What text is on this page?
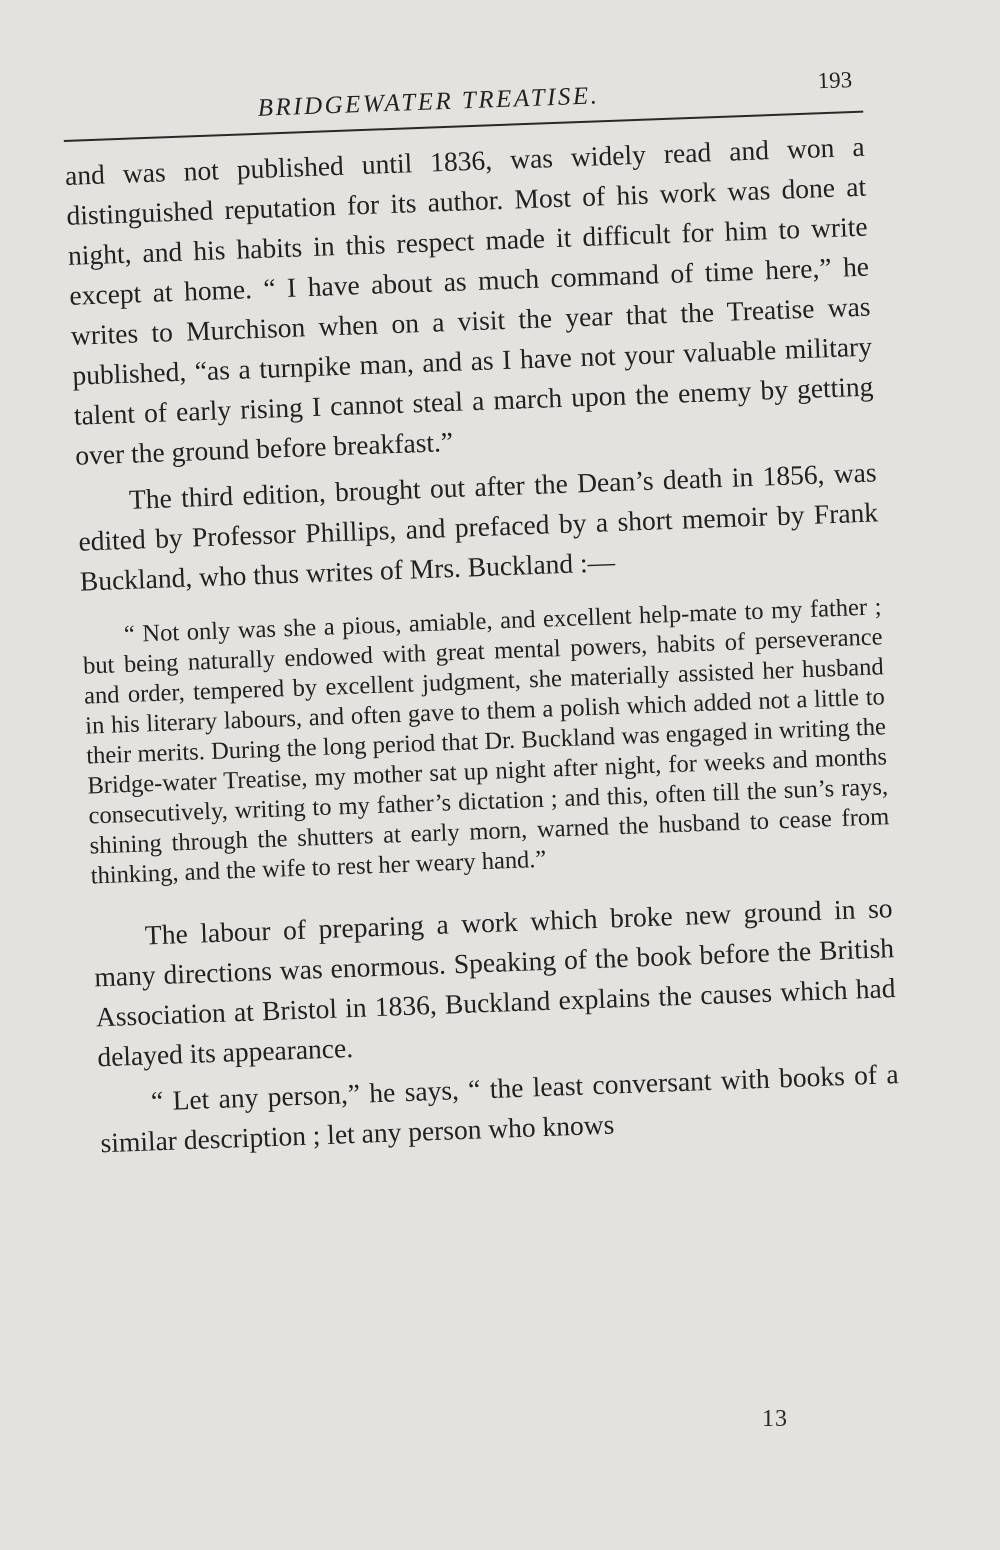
BRIDGEWATER TREATISE.
193

and was not published until 1836, was widely read and won a distinguished reputation for its author. Most of his work was done at night, and his habits in this respect made it difficult for him to write except at home. “ I have about as much command of time here,” he writes to Murchison when on a visit the year that the Treatise was published, “as a turnpike man, and as I have not your valuable military talent of early rising I cannot steal a march upon the enemy by getting over the ground before breakfast.”

The third edition, brought out after the Dean’s death in 1856, was edited by Professor Phillips, and prefaced by a short memoir by Frank Buckland, who thus writes of Mrs. Buckland :—

“ Not only was she a pious, amiable, and excellent help-mate to my father ; but being naturally endowed with great mental powers, habits of perseverance and order, tempered by excellent judgment, she materially assisted her husband in his literary labours, and often gave to them a polish which added not a little to their merits. During the long period that Dr. Buckland was engaged in writing the Bridge-water Treatise, my mother sat up night after night, for weeks and months consecutively, writing to my father’s dictation ; and this, often till the sun’s rays, shining through the shutters at early morn, warned the husband to cease from thinking, and the wife to rest her weary hand.”

The labour of preparing a work which broke new ground in so many directions was enormous. Speaking of the book before the British Association at Bristol in 1836, Buckland explains the causes which had delayed its appearance.

“ Let any person,” he says, “ the least conversant with books of a similar description ; let any person who knows

13
